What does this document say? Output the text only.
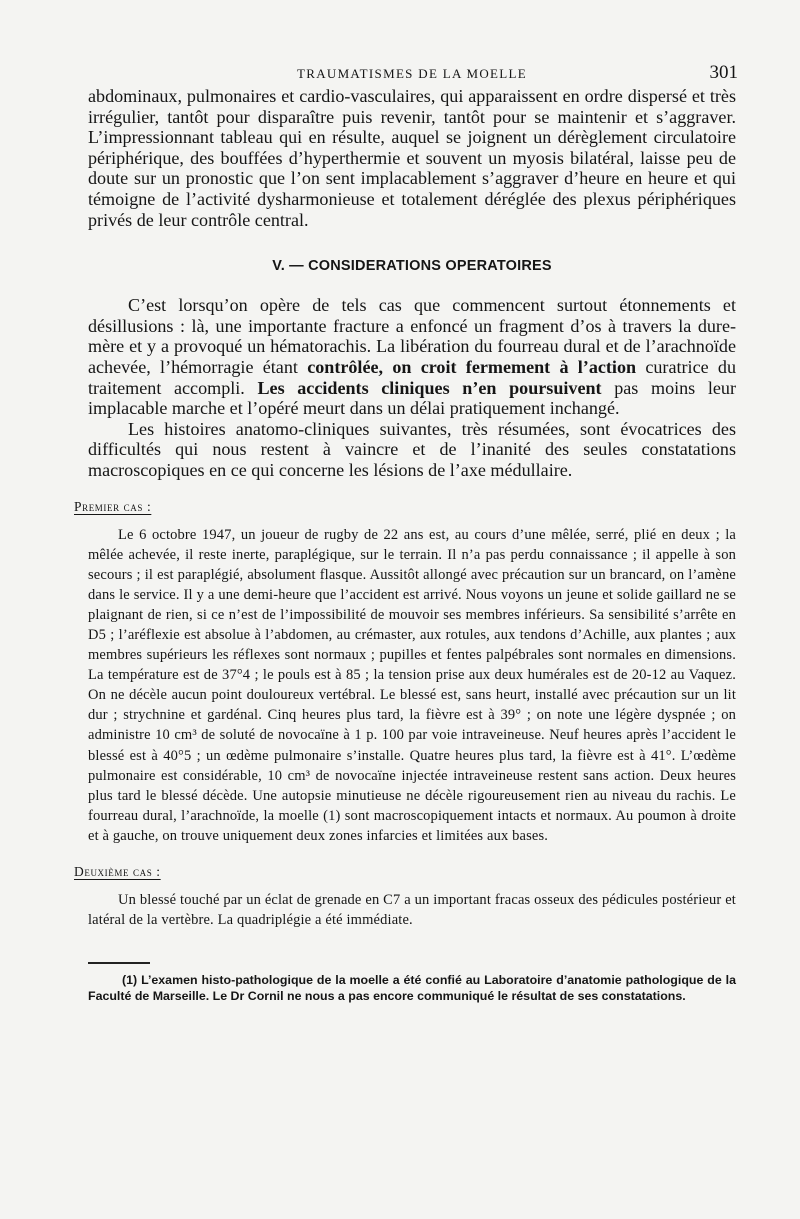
TRAUMATISMES DE LA MOELLE	301

abdominaux, pulmonaires et cardio-vasculaires, qui apparaissent en ordre dispersé et très irrégulier, tantôt pour disparaître puis revenir, tantôt pour se maintenir et s’aggraver. L’impressionnant tableau qui en résulte, auquel se joignent un dérèglement circulatoire périphérique, des bouffées d’hyperthermie et souvent un myosis bilatéral, laisse peu de doute sur un pronostic que l’on sent implacablement s’aggraver d’heure en heure et qui témoigne de l’activité dysharmonieuse et totalement déréglée des plexus périphériques privés de leur contrôle central.

V. — CONSIDERATIONS OPERATOIRES

C’est lorsqu’on opère de tels cas que commencent surtout étonnements et désillusions : là, une importante fracture a enfoncé un fragment d’os à travers la dure-mère et y a provoqué un hématorachis. La libération du fourreau dural et de l’arachnoïde achevée, l’hémorragie étant contrôlée, on croit fermement à l’action curatrice du traitement accompli. Les accidents cliniques n’en poursuivent pas moins leur implacable marche et l’opéré meurt dans un délai pratiquement inchangé.

Les histoires anatomo-cliniques suivantes, très résumées, sont évocatrices des difficultés qui nous restent à vaincre et de l’inanité des seules constatations macroscopiques en ce qui concerne les lésions de l’axe médullaire.

Premier cas :

Le 6 octobre 1947, un joueur de rugby de 22 ans est, au cours d’une mêlée, serré, plié en deux ; la mêlée achevée, il reste inerte, paraplégique, sur le terrain. Il n’a pas perdu connaissance ; il appelle à son secours ; il est paraplégié, absolument flasque. Aussitôt allongé avec précaution sur un brancard, on l’amène dans le service. Il y a une demi-heure que l’accident est arrivé. Nous voyons un jeune et solide gaillard ne se plaignant de rien, si ce n’est de l’impossibilité de mouvoir ses membres inférieurs. Sa sensibilité s’arrête en D5 ; l’aréflexie est absolue à l’abdomen, au crémaster, aux rotules, aux tendons d’Achille, aux plantes ; aux membres supérieurs les réflexes sont normaux ; pupilles et fentes palpébrales sont normales en dimensions. La température est de 37°4 ; le pouls est à 85 ; la tension prise aux deux humérales est de 20-12 au Vaquez. On ne décèle aucun point douloureux vertébral. Le blessé est, sans heurt, installé avec précaution sur un lit dur ; strychnine et gardénal. Cinq heures plus tard, la fièvre est à 39° ; on note une légère dyspnée ; on administre 10 cm³ de soluté de novocaïne à 1 p. 100 par voie intraveineuse. Neuf heures après l’accident le blessé est à 40°5 ; un œdème pulmonaire s’installe. Quatre heures plus tard, la fièvre est à 41°. L’œdème pulmonaire est considérable, 10 cm³ de novocaïne injectée intraveineuse restent sans action. Deux heures plus tard le blessé décède. Une autopsie minutieuse ne décèle rigoureusement rien au niveau du rachis. Le fourreau dural, l’arachnoïde, la moelle (1) sont macroscopiquement intacts et normaux. Au poumon à droite et à gauche, on trouve uniquement deux zones infarcies et limitées aux bases.

Deuxième cas :

Un blessé touché par un éclat de grenade en C7 a un important fracas osseux des pédicules postérieur et latéral de la vertèbre. La quadriplégie a été immédiate.

(1) L’examen histo-pathologique de la moelle a été confié au Laboratoire d’anatomie pathologique de la Faculté de Marseille. Le Dr Cornil ne nous a pas encore communiqué le résultat de ses constatations.
